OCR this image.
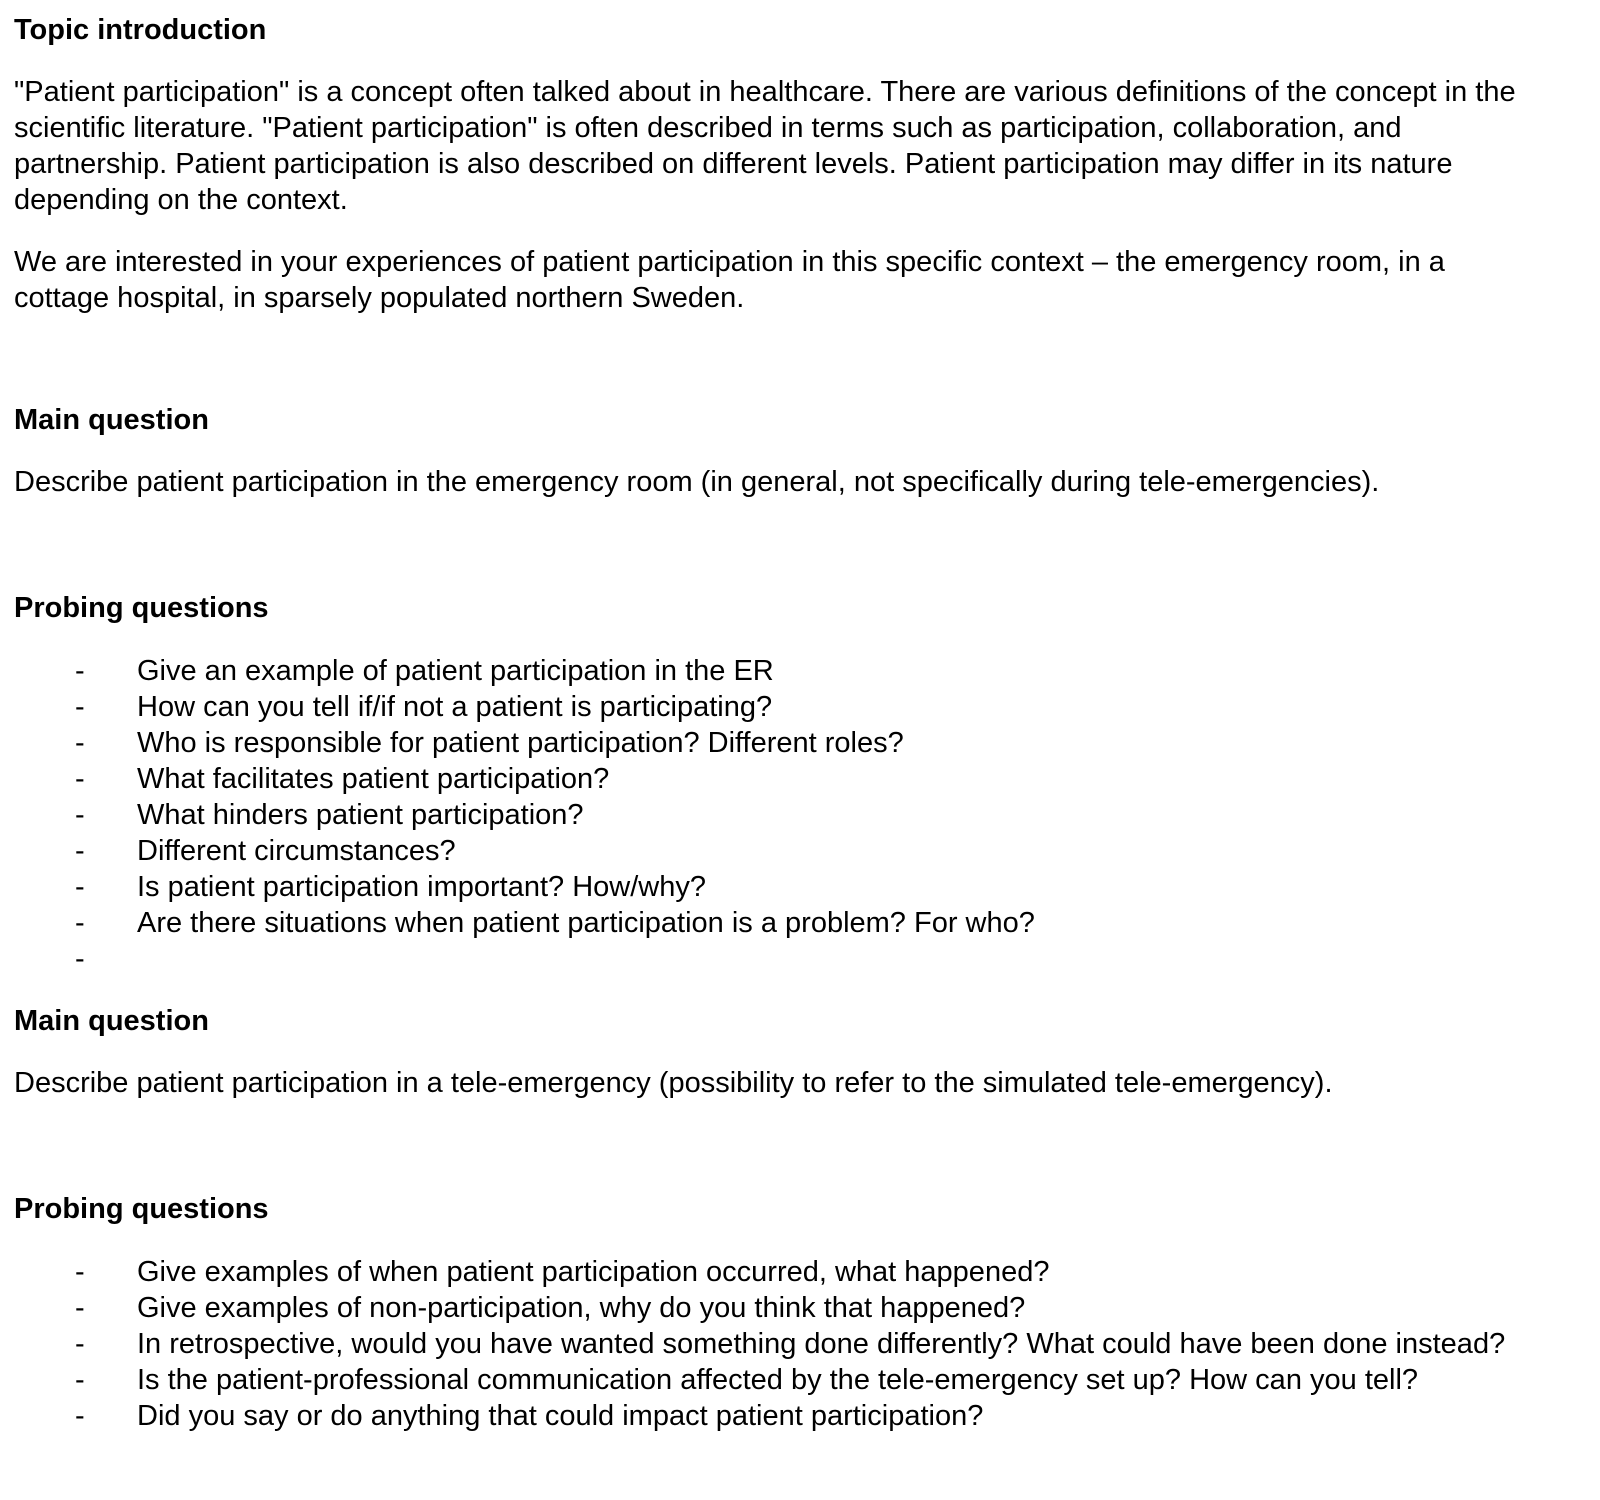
Topic introduction

"Patient participation" is a concept often talked about in healthcare. There are various definitions of the concept in the scientific literature. "Patient participation" is often described in terms such as participation, collaboration, and partnership. Patient participation is also described on different levels. Patient participation may differ in its nature depending on the context.

We are interested in your experiences of patient participation in this specific context – the emergency room, in a cottage hospital, in sparsely populated northern Sweden.

Main question

Describe patient participation in the emergency room (in general, not specifically during tele-emergencies).

Probing questions
-	Give an example of patient participation in the ER
-	How can you tell if/if not a patient is participating?
-	Who is responsible for patient participation? Different roles?
-	What facilitates patient participation?
-	What hinders patient participation?
-	Different circumstances?
-	Is patient participation important? How/why?
-	Are there situations when patient participation is a problem? For who?
-
Main question

Describe patient participation in a tele-emergency (possibility to refer to the simulated tele-emergency).

Probing questions
-	Give examples of when patient participation occurred, what happened?
-	Give examples of non-participation, why do you think that happened?
-	In retrospective, would you have wanted something done differently? What could have been done instead?
-	Is the patient-professional communication affected by the tele-emergency set up? How can you tell?
-	Did you say or do anything that could impact patient participation?
